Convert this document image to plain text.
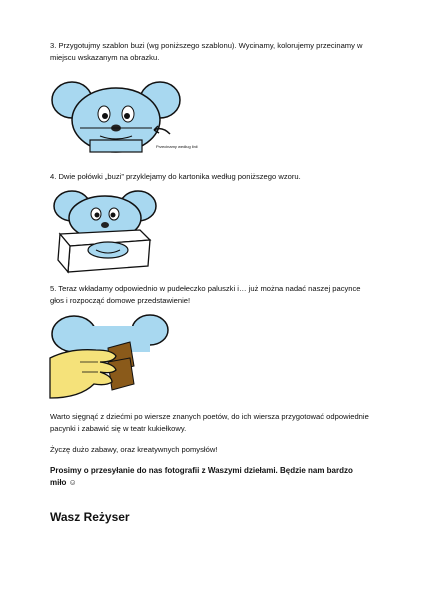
3. Przygotujmy szablon buzi (wg poniższego szablonu). Wycinamy, kolorujemy przecinamy w miejscu wskazanym na obrazku.

Przecinamy według linii

4. Dwie połówki „buzi” przyklejamy do kartonika według poniższego wzoru.

5. Teraz wkładamy odpowiednio w pudełeczko paluszki i… już można nadać naszej pacyncе głos i rozpocząć domowe przedstawienie!

Warto sięgnąć z dziećmi po wiersze znanych poetów, do ich wiersza przygotować odpowiednie pacynki i zabawić się w teatr kukiełkowy.

Życzę dużo zabawy, oraz kreatywnych pomysłów!

Prosimy o przesyłanie do nas fotografii z Waszymi dziełami. Będzie nam bardzo miło ☺

Wasz Reżyser
